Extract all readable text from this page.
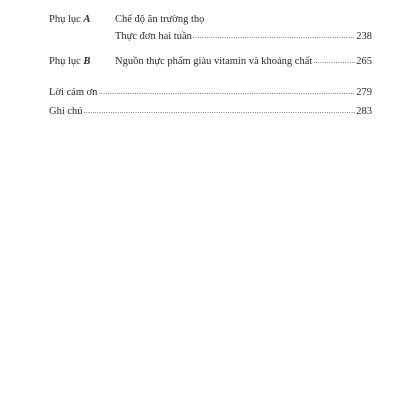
Phụ lục A Chế độ ăn trường thọ
Thực đơn hai tuần .....	238
Phụ lục B Nguồn thực phẩm giàu vitamin và khoáng chất .....	265
Lời cảm ơn .....	279
Ghi chú .....	283
